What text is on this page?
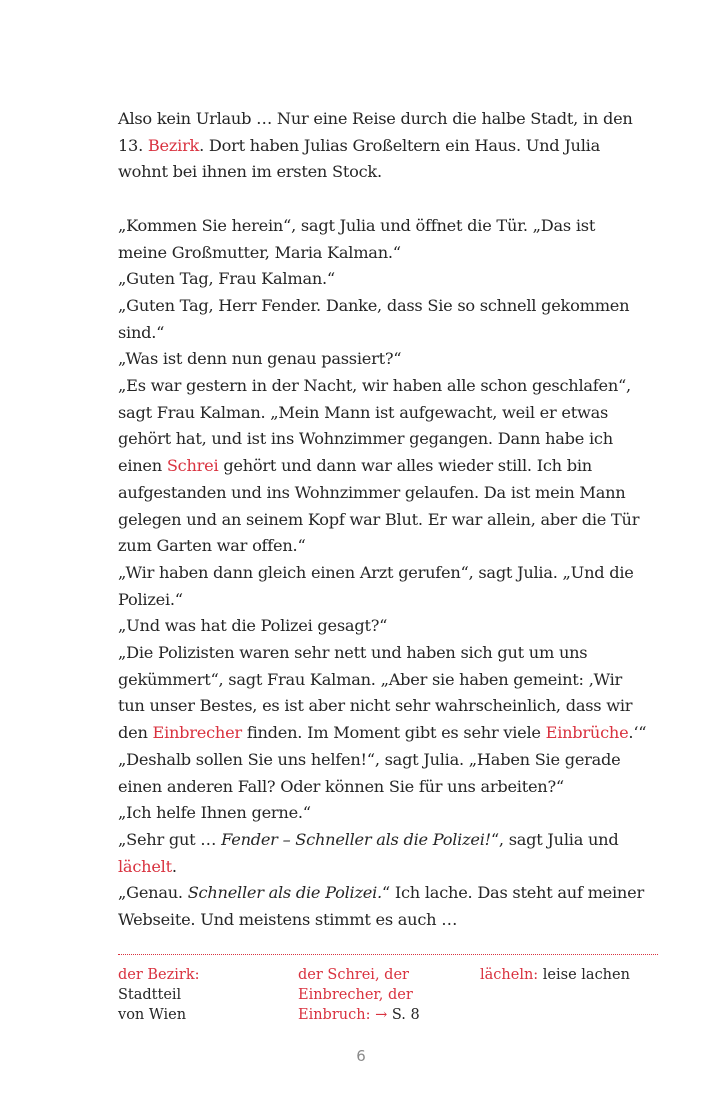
Also kein Urlaub … Nur eine Reise durch die halbe Stadt, in den 13. Bezirk. Dort haben Julias Großeltern ein Haus. Und Julia wohnt bei ihnen im ersten Stock.

„Kommen Sie herein“, sagt Julia und öffnet die Tür. „Das ist meine Großmutter, Maria Kalman.“

„Guten Tag, Frau Kalman.“

„Guten Tag, Herr Fender. Danke, dass Sie so schnell gekommen sind.“

„Was ist denn nun genau passiert?“

„Es war gestern in der Nacht, wir haben alle schon geschlafen“, sagt Frau Kalman. „Mein Mann ist aufgewacht, weil er etwas gehört hat, und ist ins Wohnzimmer gegangen. Dann habe ich einen Schrei gehört und dann war alles wieder still. Ich bin aufgestanden und ins Wohnzimmer gelaufen. Da ist mein Mann gelegen und an seinem Kopf war Blut. Er war allein, aber die Tür zum Garten war offen.“

„Wir haben dann gleich einen Arzt gerufen“, sagt Julia. „Und die Polizei.“

„Und was hat die Polizei gesagt?“

„Die Polizisten waren sehr nett und haben sich gut um uns gekümmert“, sagt Frau Kalman. „Aber sie haben gemeint: ‚Wir tun unser Bestes, es ist aber nicht sehr wahrscheinlich, dass wir den Einbrecher finden. Im Moment gibt es sehr viele Einbrüche.‘“

„Deshalb sollen Sie uns helfen!“, sagt Julia. „Haben Sie gerade einen anderen Fall? Oder können Sie für uns arbeiten?“

„Ich helfe Ihnen gerne.“

„Sehr gut … Fender – Schneller als die Polizei!“, sagt Julia und lächelt.

„Genau. Schneller als die Polizei.“ Ich lache. Das steht auf meiner Webseite. Und meistens stimmt es auch …

der Bezirk:
Stadtteil
von Wien
der Schrei, der
Einbrecher, der
Einbruch: → S. 8
lächeln: leise lachen
6
